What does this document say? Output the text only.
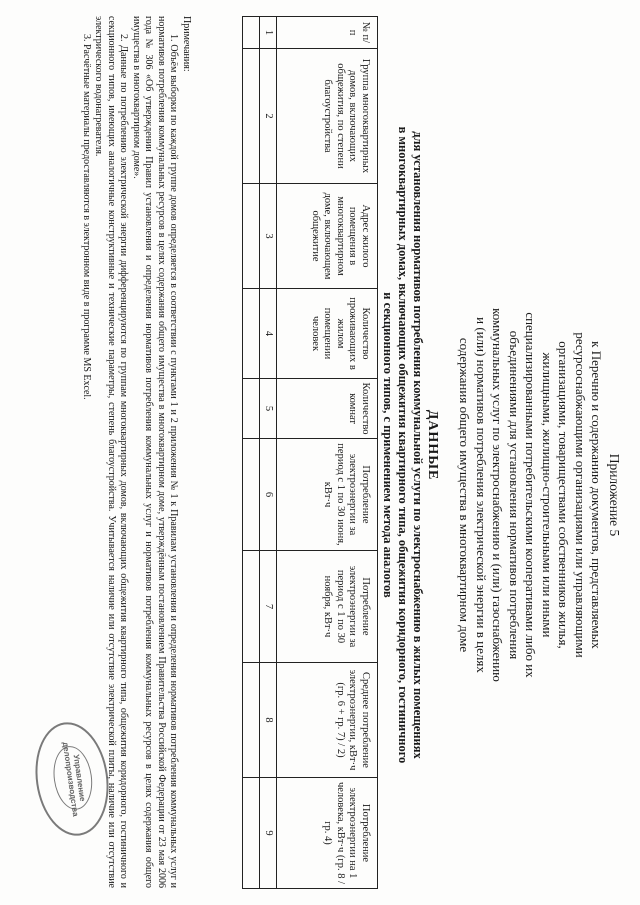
Приложение 5
к Перечню и содержанию документов, представляемых
ресурсоснабжающими организациями или управляющими
организациями, товариществами собственников жилья,
жилищными, жилищно-строительными или иными
специализированными потребительскими кооперативами либо их
объединениями для установления нормативов потребления
коммунальных услуг по электроснабжению и (или) газоснабжению
и (или) нормативов потребления электрической энергии в целях
содержания общего имущества в многоквартирном доме
ДАННЫЕ
для установления нормативов потребления коммунальной услуги по электроснабжению в жилых помещениях
в многоквартирных домах, включающих общежития квартирного типа, общежития коридорного, гостиничного
и секционного типов, с применением метода аналогов
№ п/п	Группа многоквартирных домов, включающих общежития, по степени благоустройства	Адрес жилого помещения в многоквартирном доме, включающем общежитие	Количество проживающих в жилом помещении человек	Количество комнат	Потребление электроэнергии за период с 1 по 30 июня, кВт·ч	Потребление электроэнергии за период с 1 по 30 ноября, кВт·ч	Среднее потребление электроэнергии, кВт·ч (гр. 6 + гр. 7) / 2)	Потребление электроэнергии на 1 человека, кВт·ч (гр. 8 / гр. 4)
1	2	3	4	5	6	7	8	9

Примечания:

1. Объём выборки по каждой группе домов определяется в соответствии с пунктами 1 и 2 приложения № 1 к Правилам установления и определения нормативов потребления коммунальных услуг и нормативов потребления коммунальных ресурсов в целях содержания общего имущества в многоквартирном доме, утверждённым постановлением Правительства Российской Федерации от 23 мая 2006 года № 306 «Об утверждении Правил установления и определения нормативов потребления коммунальных услуг и нормативов потребления коммунальных ресурсов в целях содержания общего имущества в многоквартирном доме».

2. Данные по потреблению электрической энергии дифференцируются по группам многоквартирных домов, включающих общежития квартирного типа, общежития коридорного, гостиничного и секционного типов, имеющих аналогичные конструктивные и технические параметры, степень благоустройства. Учитывается наличие или отсутствие электрической плиты, наличие или отсутствие электрического водонагревателя.

3. Расчётные материалы предоставляются в электронном виде в программе MS Excel.

Управление делопроизводства
